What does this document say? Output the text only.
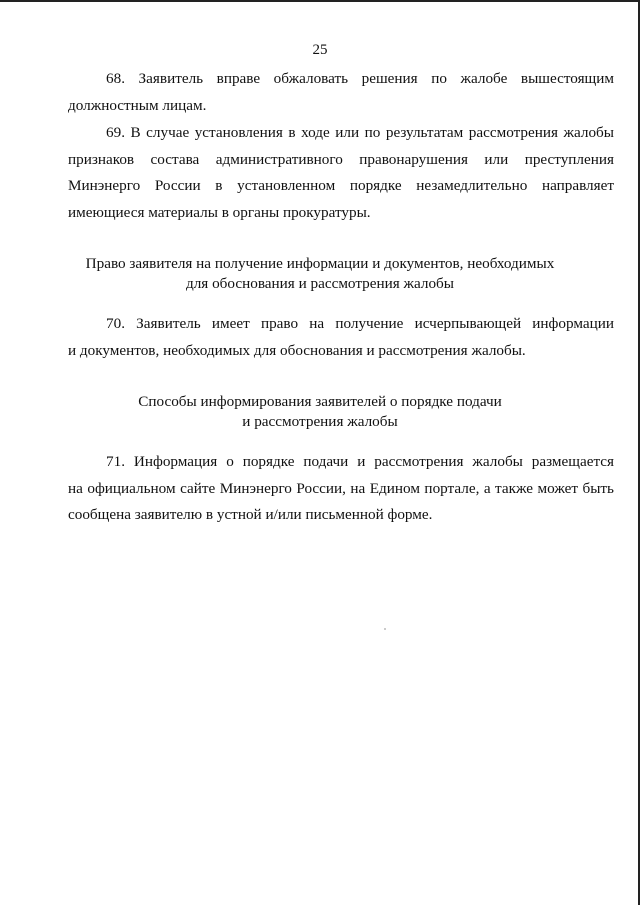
25
68. Заявитель вправе обжаловать решения по жалобе вышестоящим
должностным лицам.
69. В случае установления в ходе или по результатам рассмотрения жалобы
признаков состава административного правонарушения или преступления
Минэнерго России в установленном порядке незамедлительно направляет
имеющиеся материалы в органы прокуратуры.
Право заявителя на получение информации и документов, необходимых
для обоснования и рассмотрения жалобы
70. Заявитель имеет право на получение исчерпывающей информации
и документов, необходимых для обоснования и рассмотрения жалобы.
Способы информирования заявителей о порядке подачи
и рассмотрения жалобы
71. Информация о порядке подачи и рассмотрения жалобы размещается
на официальном сайте Минэнерго России, на Едином портале, а также может быть
сообщена заявителю в устной и/или письменной форме.
